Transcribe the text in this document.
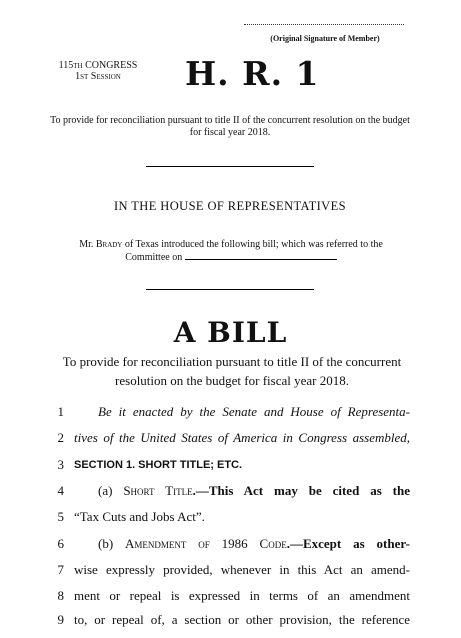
(Original Signature of Member)
115th CONGRESS
1st Session	H. R. 1
To provide for reconciliation pursuant to title II of the concurrent resolution on the budget for fiscal year 2018.
IN THE HOUSE OF REPRESENTATIVES
Mr. Brady of Texas introduced the following bill; which was referred to the
Committee on
A BILL
To provide for reconciliation pursuant to title II of the concurrent resolution on the budget for fiscal year 2018.
1	Be it enacted by the Senate and House of Representa-
2 tives of the United States of America in Congress assembled,
3 SECTION 1. SHORT TITLE; ETC.
4	(a) Short Title.—This Act may be cited as the
5 “Tax Cuts and Jobs Act”.
6	(b) Amendment of 1986 Code.—Except as other-
7 wise expressly provided, whenever in this Act an amend-
8 ment or repeal is expressed in terms of an amendment
9 to, or repeal of, a section or other provision, the reference
